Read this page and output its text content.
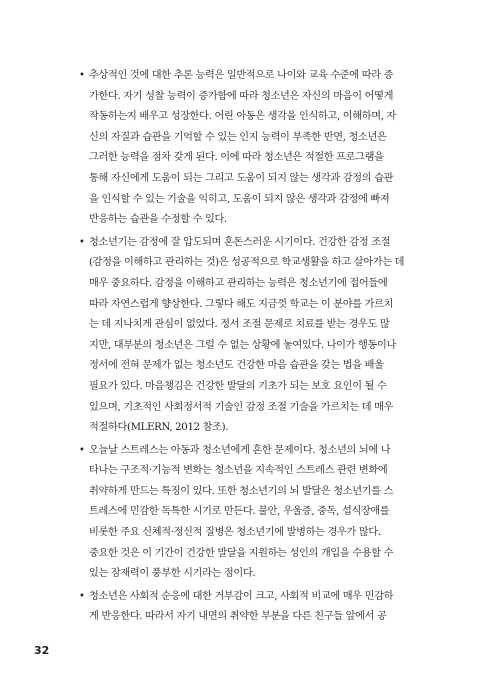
• 추상적인 것에 대한 추론 능력은 일반적으로 나이와 교육 수준에 따라 증
가한다. 자기 성찰 능력이 증가함에 따라 청소년은 자신의 마음이 어떻게
작동하는지 배우고 성장한다. 어린 아동은 생각을 인식하고, 이해하며, 자
신의 자질과 습관을 기억할 수 있는 인지 능력이 부족한 반면, 청소년은
그러한 능력을 점차 갖게 된다. 이에 따라 청소년은 적절한 프로그램을
통해 자신에게 도움이 되는 그리고 도움이 되지 않는 생각과 감정의 습관
을 인식할 수 있는 기술을 익히고, 도움이 되지 않은 생각과 감정에 빠져
반응하는 습관을 수정할 수 있다.
• 청소년기는 감정에 잘 압도되며 혼돈스러운 시기이다. 건강한 감정 조절
(감정을 이해하고 관리하는 것)은 성공적으로 학교생활을 하고 살아가는 데
매우 중요하다. 감정을 이해하고 관리하는 능력은 청소년기에 접어들에
따라 자연스럽게 향상한다. 그렇다 해도 지금껏 학교는 이 분야를 가르치
는 데 지나치게 관심이 없었다. 정서 조절 문제로 치료를 받는 경우도 많
지만, 대부분의 청소년은 그럴 수 없는 상황에 놓여있다. 나이가 행동이나
정서에 전혀 문제가 없는 청소년도 건강한 마음 습관을 갖는 법을 배울
필요가 있다. 마음챙김은 건강한 발달의 기초가 되는 보호 요인이 될 수
있으며, 기초적인 사회정서적 기술인 감정 조절 기술을 가르치는 데 매우
적절하다(MLERN, 2012 참조).
• 오늘날 스트레스는 아동과 청소년에게 흔한 문제이다. 청소년의 뇌에 나
타나는 구조적·기능적 변화는 청소년을 지속적인 스트레스 관련 변화에
취약하게 만드는 특징이 있다. 또한 청소년기의 뇌 발달은 청소년기를 스
트레스에 민감한 독특한 시기로 만든다. 불안, 우울증, 중독, 섭식장애를
비롯한 주요 신체적·정신적 질병은 청소년기에 발병하는 경우가 많다.
중요한 것은 이 기간이 건강한 발달을 지원하는 성인의 개입을 수용할 수
있는 잠재력이 풍부한 시기라는 점이다.
• 청소년은 사회적 순응에 대한 거부감이 크고, 사회적 비교에 매우 민감하
게 반응한다. 따라서 자기 내면의 취약한 부분을 다른 친구들 앞에서 공
32
